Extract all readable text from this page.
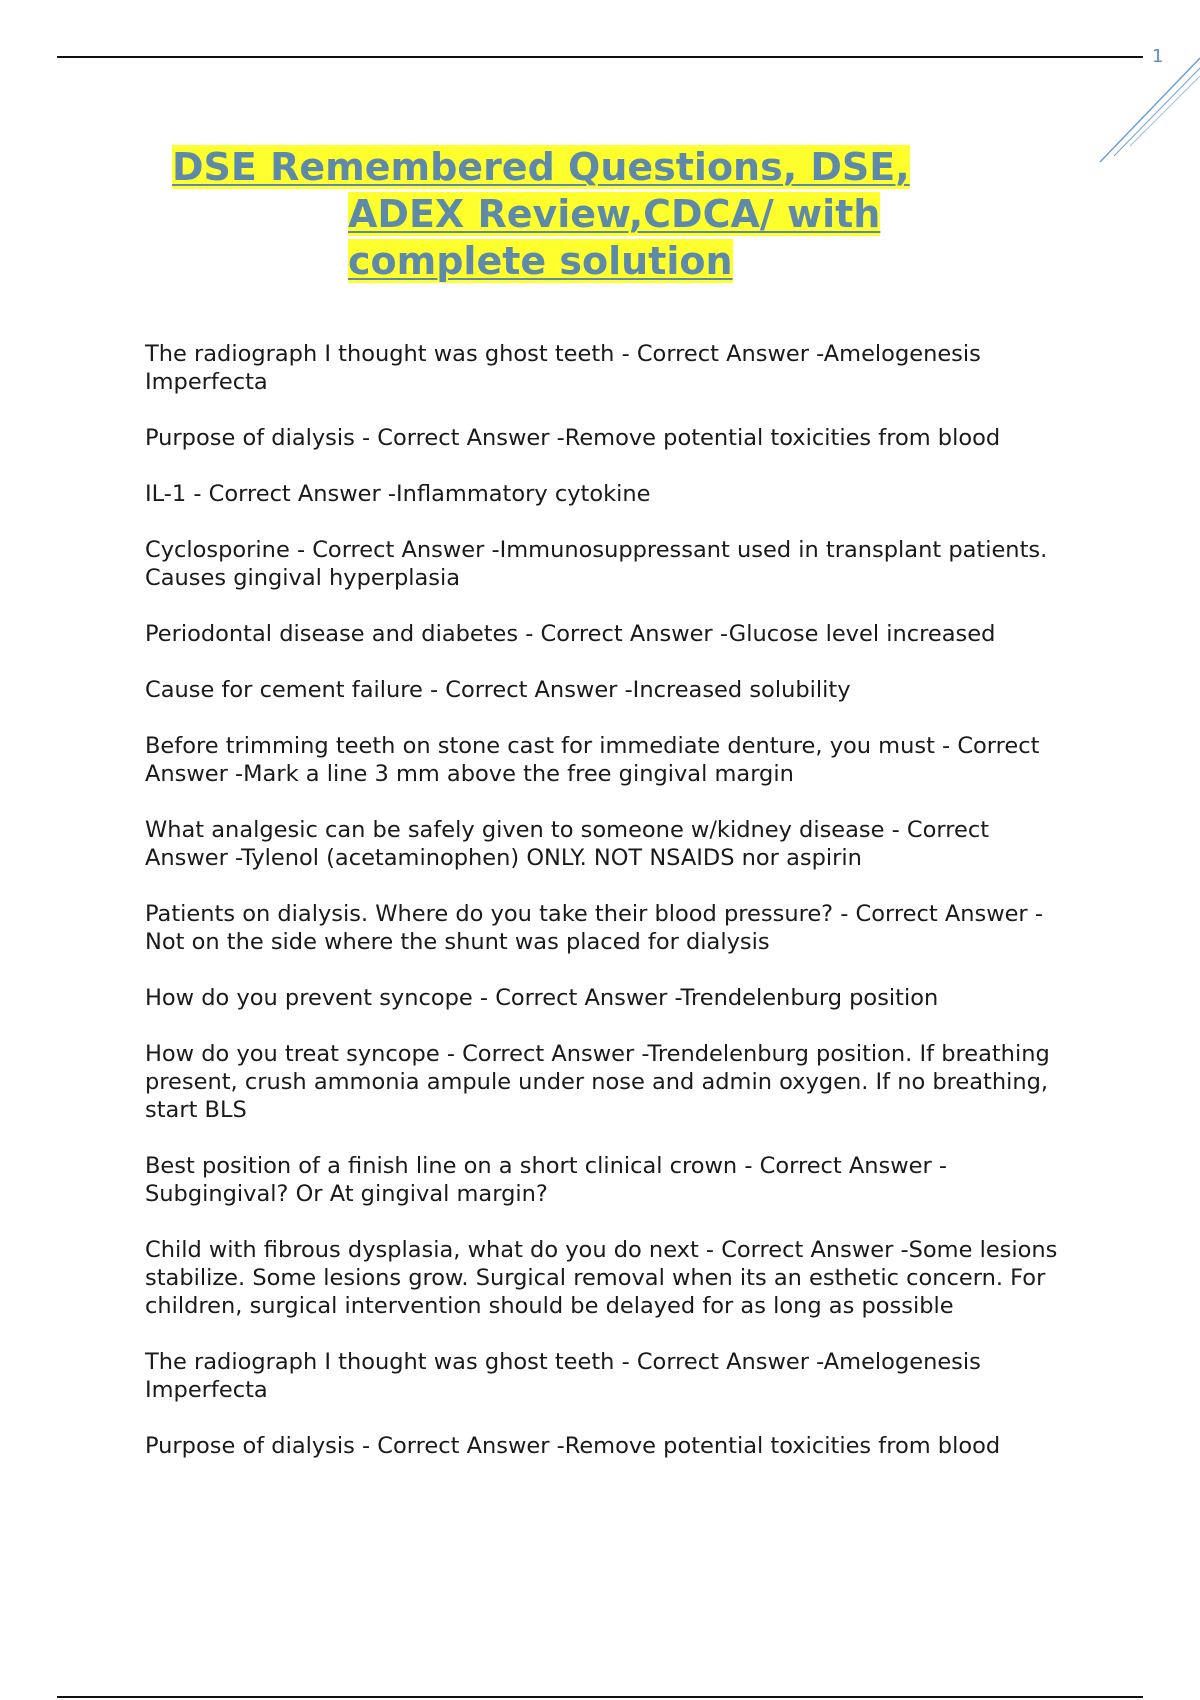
1
DSE Remembered Questions, DSE,
ADEX Review,CDCA/ with
complete solution
The radiograph I thought was ghost teeth - Correct Answer -Amelogenesis Imperfecta
Purpose of dialysis - Correct Answer -Remove potential toxicities from blood
IL-1 - Correct Answer -Inflammatory cytokine
Cyclosporine - Correct Answer -Immunosuppressant used in transplant patients. Causes gingival hyperplasia
Periodontal disease and diabetes - Correct Answer -Glucose level increased
Cause for cement failure - Correct Answer -Increased solubility
Before trimming teeth on stone cast for immediate denture, you must - Correct Answer -Mark a line 3 mm above the free gingival margin
What analgesic can be safely given to someone w/kidney disease - Correct Answer -Tylenol (acetaminophen) ONLY. NOT NSAIDS nor aspirin
Patients on dialysis. Where do you take their blood pressure? - Correct Answer -Not on the side where the shunt was placed for dialysis
How do you prevent syncope - Correct Answer -Trendelenburg position
How do you treat syncope - Correct Answer -Trendelenburg position. If breathing present, crush ammonia ampule under nose and admin oxygen. If no breathing, start BLS
Best position of a finish line on a short clinical crown - Correct Answer -Subgingival? Or At gingival margin?
Child with fibrous dysplasia, what do you do next - Correct Answer -Some lesions stabilize. Some lesions grow. Surgical removal when its an esthetic concern. For children, surgical intervention should be delayed for as long as possible
The radiograph I thought was ghost teeth - Correct Answer -Amelogenesis Imperfecta
Purpose of dialysis - Correct Answer -Remove potential toxicities from blood
